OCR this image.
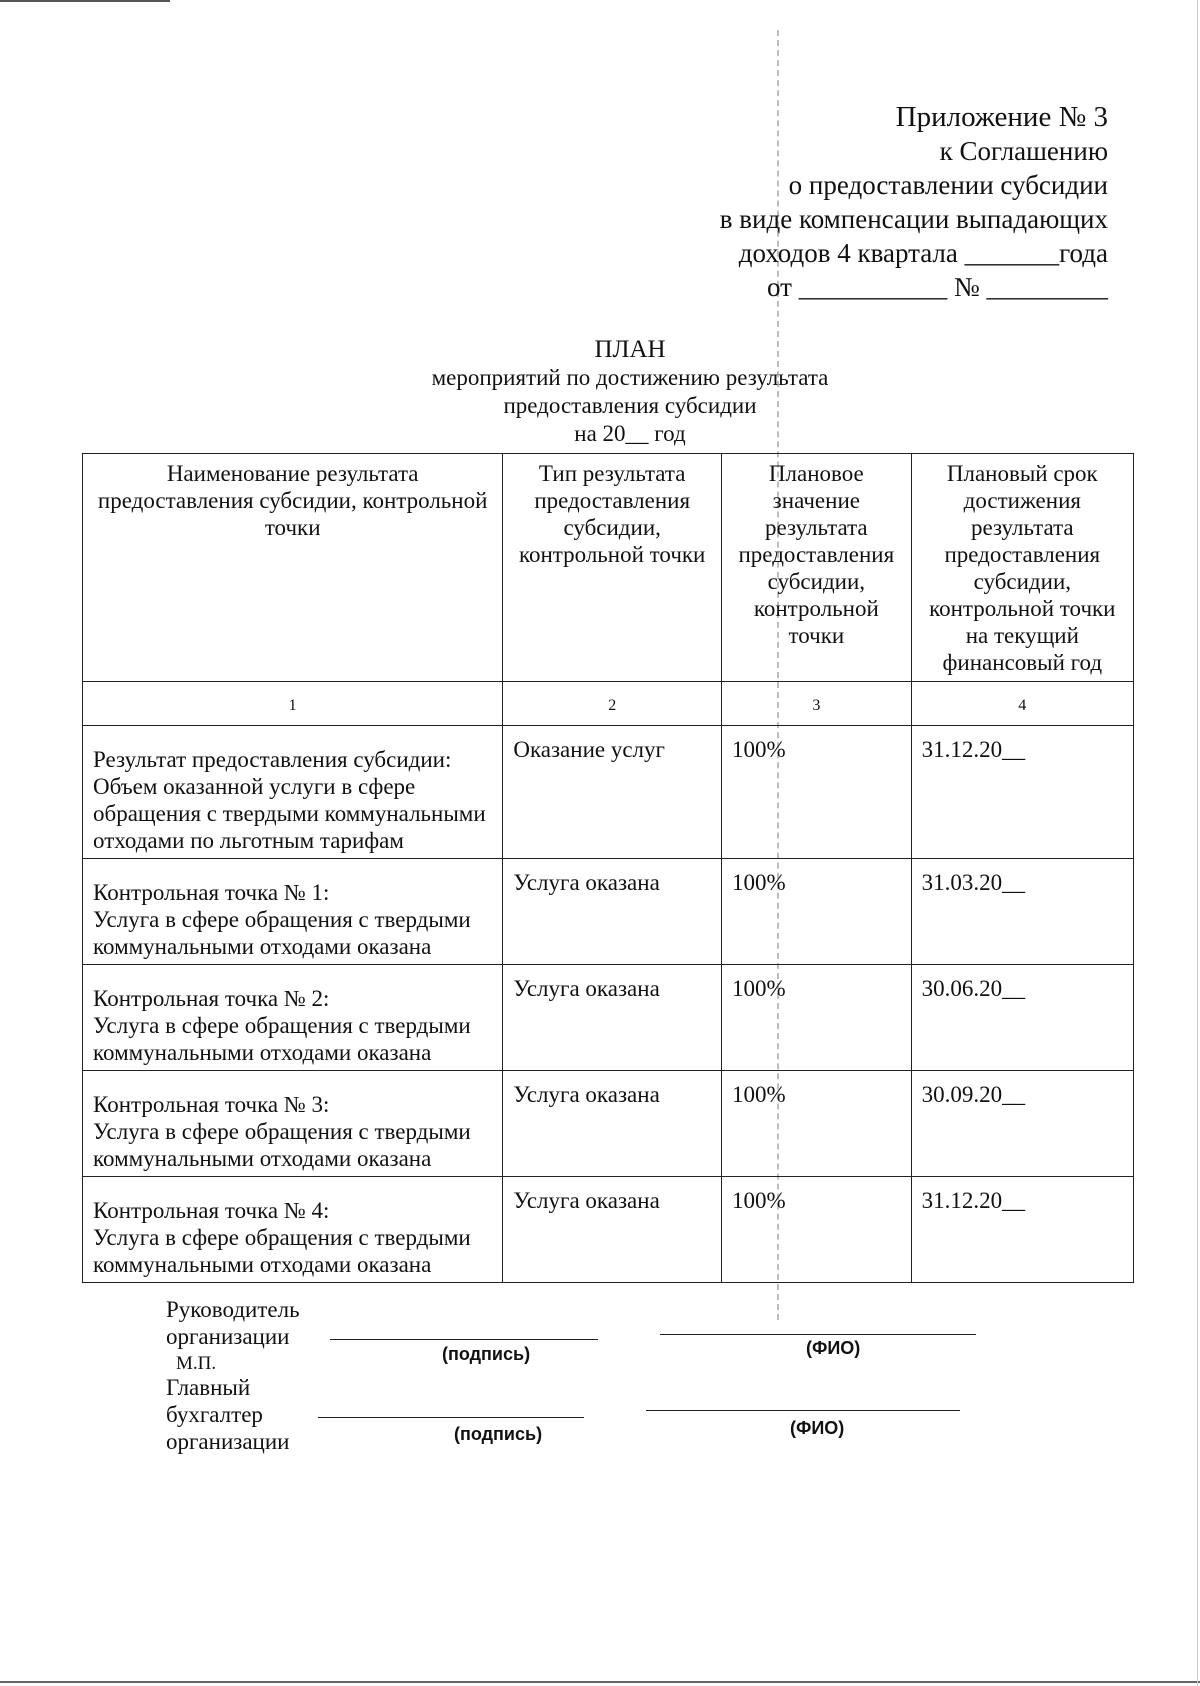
Приложение № 3
к Соглашению
о предоставлении субсидии
в виде компенсации выпадающих
доходов 4 квартала _______года
от ___________ № _________
ПЛАН
мероприятий по достижению результата
предоставления субсидии
на 20__ год
Наименование результата предоставления субсидии, контрольной точки	Тип результата предоставления субсидии, контрольной точки	Плановое значение результата предоставления субсидии, контрольной точки	Плановый срок достижения результата предоставления субсидии, контрольной точки на текущий финансовый год
1	2	3	4

Результат предоставления субсидии:
Объем оказанной услуги в сфере обращения с твердыми коммунальными отходами по льготным тарифам	Оказание услуг	100%	31.12.20__

Контрольная точка № 1:
Услуга в сфере обращения с твердыми коммунальными отходами оказана	Услуга оказана	100%	31.03.20__

Контрольная точка № 2:
Услуга в сфере обращения с твердыми коммунальными отходами оказана	Услуга оказана	100%	30.06.20__

Контрольная точка № 3:
Услуга в сфере обращения с твердыми коммунальными отходами оказана	Услуга оказана	100%	30.09.20__

Контрольная точка № 4:
Услуга в сфере обращения с твердыми коммунальными отходами оказана	Услуга оказана	100%	31.12.20__
Руководитель
организации
М.П.	(подпись)	(ФИО)
Главный
бухгалтер
организации	(подпись)	(ФИО)
